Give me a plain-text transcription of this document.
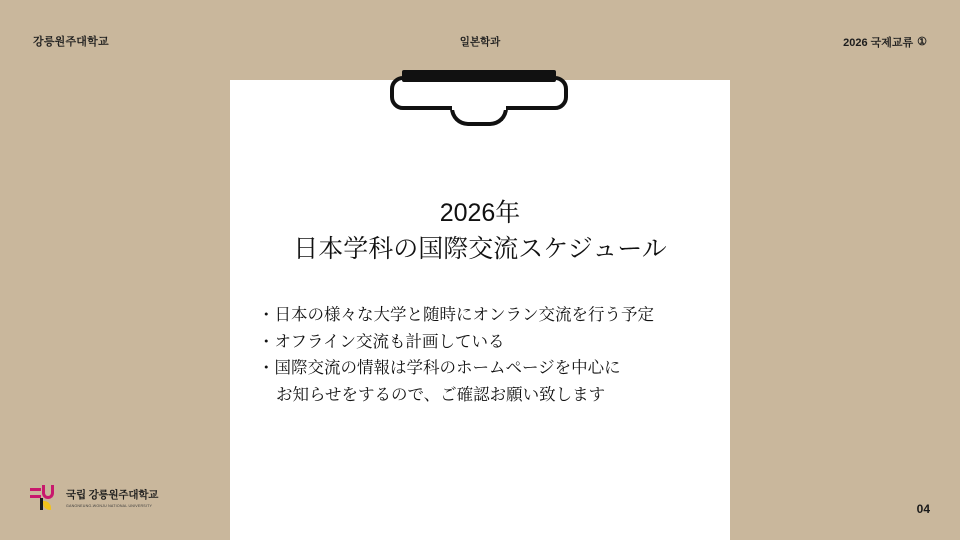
강릉원주대학교	일본학과	2026 국제교류 ①
2026年
日本学科の国際交流スケジュール
・日本の様々な大学と随時にオンラン交流を行う予定
・オフライン交流も計画している
・国際交流の情報は学科のホームページを中心に
お知らせをするので、ご確認お願い致します
국립 강릉원주대학교
GANGNEUNG-WONJU NATIONAL UNIVERSITY	04
